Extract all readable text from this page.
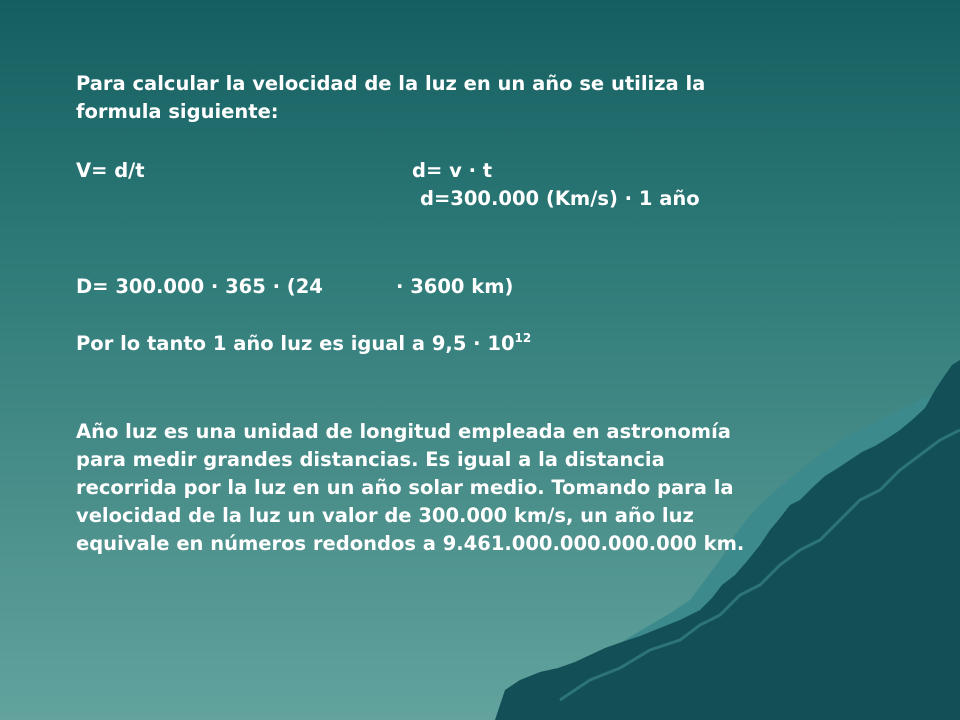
Para calcular la velocidad de la luz en un año se utiliza la

formula siguiente:

V= d/t	d= v · t

d=300.000 (Km/s) · 1 año

D= 300.000 · 365 · (24	· 3600 km)

Por lo tanto 1 año luz es igual a $9,5 \cdot 10^{12}$

Año luz es una unidad de longitud empleada en astronomía

para medir grandes distancias. Es igual a la distancia

recorrida por la luz en un año solar medio. Tomando para la

velocidad de la luz un valor de 300.000 km/s, un año luz

equivale en números redondos a 9.461.000.000.000.000 km.
